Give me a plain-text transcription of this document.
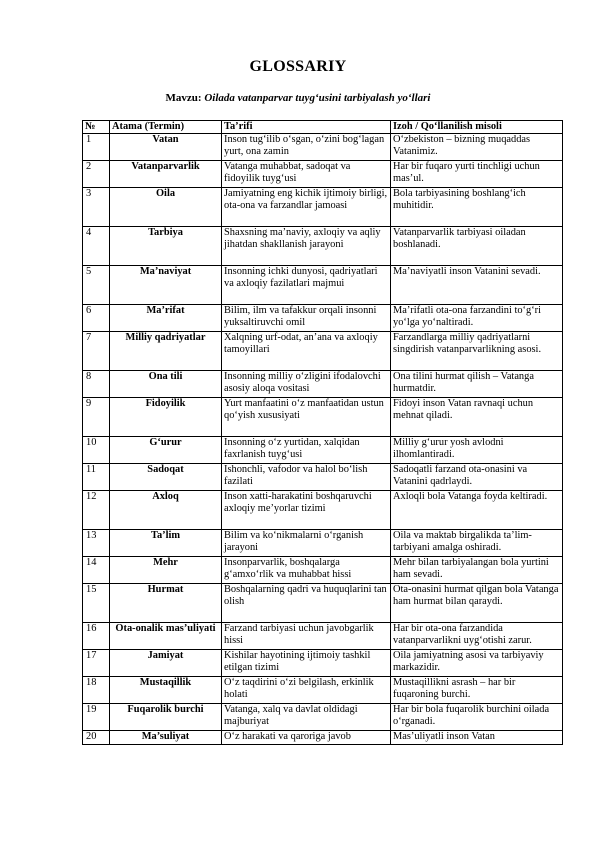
GLOSSARIY
Mavzu: Oilada vatanparvar tuyg‘usini tarbiyalash yo‘llari
№	Atama (Termin)	Ta’rifi	Izoh / Qo‘llanilish misoli
1	Vatan	Inson tug‘ilib o‘sgan, o‘zini bog‘lagan yurt, ona zamin	O‘zbekiston – bizning muqaddas Vatanimiz.
2	Vatanparvarlik	Vatanga muhabbat, sadoqat va fidoyilik tuyg‘usi	Har bir fuqaro yurti tinchligi uchun mas’ul.
3	Oila	Jamiyatning eng kichik ijtimoiy birligi, ota-ona va farzandlar jamoasi	Bola tarbiyasining boshlang‘ich muhitidir.
4	Tarbiya	Shaxsning ma’naviy, axloqiy va aqliy jihatdan shakllanish jarayoni	Vatanparvarlik tarbiyasi oiladan boshlanadi.
5	Ma’naviyat	Insonning ichki dunyosi, qadriyatlari va axloqiy fazilatlari majmui	Ma’naviyatli inson Vatanini sevadi.
6	Ma’rifat	Bilim, ilm va tafakkur orqali insonni yuksaltiruvchi omil	Ma’rifatli ota-ona farzandini to‘g‘ri yo‘lga yo‘naltiradi.
7	Milliy qadriyatlar	Xalqning urf-odat, an’ana va axloqiy tamoyillari	Farzandlarga milliy qadriyatlarni singdirish vatanparvarlikning asosi.
8	Ona tili	Insonning milliy o‘zligini ifodalovchi asosiy aloqa vositasi	Ona tilini hurmat qilish – Vatanga hurmatdir.
9	Fidoyilik	Yurt manfaatini o‘z manfaatidan ustun qo‘yish xususiyati	Fidoyi inson Vatan ravnaqi uchun mehnat qiladi.
10	G‘urur	Insonning o‘z yurtidan, xalqidan faxrlanish tuyg‘usi	Milliy g‘urur yosh avlodni ilhomlantiradi.
11	Sadoqat	Ishonchli, vafodor va halol bo‘lish fazilati	Sadoqatli farzand ota-onasini va Vatanini qadrlaydi.
12	Axloq	Inson xatti-harakatini boshqaruvchi axloqiy me’yorlar tizimi	Axloqli bola Vatanga foyda keltiradi.
13	Ta’lim	Bilim va ko‘nikmalarni o‘rganish jarayoni	Oila va maktab birgalikda ta’lim-tarbiyani amalga oshiradi.
14	Mehr	Insonparvarlik, boshqalarga g‘amxo‘rlik va muhabbat hissi	Mehr bilan tarbiyalangan bola yurtini ham sevadi.
15	Hurmat	Boshqalarning qadri va huquqlarini tan olish	Ota-onasini hurmat qilgan bola Vatanga ham hurmat bilan qaraydi.
16	Ota-onalik mas’uliyati	Farzand tarbiyasi uchun javobgarlik hissi	Har bir ota-ona farzandida vatanparvarlikni uyg‘otishi zarur.
17	Jamiyat	Kishilar hayotining ijtimoiy tashkil etilgan tizimi	Oila jamiyatning asosi va tarbiyaviy markazidir.
18	Mustaqillik	O‘z taqdirini o‘zi belgilash, erkinlik holati	Mustaqillikni asrash – har bir fuqaroning burchi.
19	Fuqarolik burchi	Vatanga, xalq va davlat oldidagi majburiyat	Har bir bola fuqarolik burchini oilada o‘rganadi.
20	Ma’suliyat	O‘z harakati va qaroriga javob	Mas’uliyatli inson Vatan
